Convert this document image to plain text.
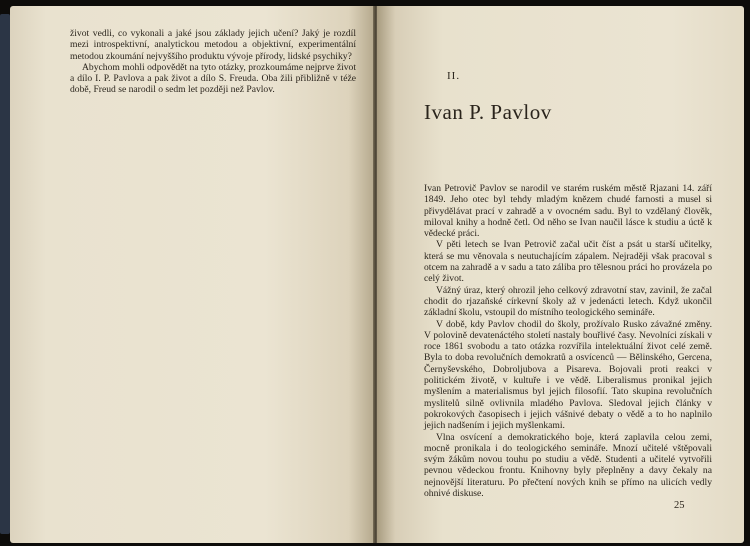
život vedli, co vykonali a jaké jsou základy jejich učení? Jaký je rozdíl mezi introspektivní, analytickou metodou a objektivní, experimentální metodou zkoumání nejvyššího produktu vývoje přírody, lidské psychiky?

Abychom mohli odpovědět na tyto otázky, prozkoumáme nejprve život a dílo I. P. Pavlova a pak život a dílo S. Freuda. Oba žili přibližně v téže době, Freud se narodil o sedm let později než Pavlov.

II.
Ivan P. Pavlov

Ivan Petrovič Pavlov se narodil ve starém ruském městě Rjazani 14. září 1849. Jeho otec byl tehdy mladým knězem chudé farnosti a musel si přivydělávat prací v zahradě a v ovocném sadu. Byl to vzdělaný člověk, miloval knihy a hodně četl. Od něho se Ivan naučil lásce k studiu a úctě k vědecké práci.

V pěti letech se Ivan Petrovič začal učit číst a psát u starší učitelky, která se mu věnovala s neutuchajícím zápalem. Nejraději však pracoval s otcem na zahradě a v sadu a tato záliba pro tělesnou práci ho provázela po celý život.

Vážný úraz, který ohrozil jeho celkový zdravotní stav, zavinil, že začal chodit do rjazaňské církevní školy až v jedenácti letech. Když ukončil základní školu, vstoupil do místního teologického semináře.

V době, kdy Pavlov chodil do školy, prožívalo Rusko závažné změny. V polovině devatenáctého století nastaly bouřlivé časy. Nevolníci získali v roce 1861 svobodu a tato otázka rozvířila intelektuální život celé země. Byla to doba revolučních demokratů a osvícenců — Bělinského, Gercena, Černyševského, Dobroljubova a Pisareva. Bojovali proti reakci v politickém životě, v kultuře i ve vědě. Liberalismus pronikal jejich myšlením a materialismus byl jejich filosofií. Tato skupina revolučních myslitelů silně ovlivnila mladého Pavlova. Sledoval jejich články v pokrokových časopisech i jejich vášnivé debaty o vědě a to ho naplnilo jejich nadšením i jejich myšlenkami.

Vlna osvícení a demokratického boje, která zaplavila celou zemi, mocně pronikala i do teologického semináře. Mnozí učitelé vštěpovali svým žákům novou touhu po studiu a vědě. Studenti a učitelé vytvořili pevnou vědeckou frontu. Knihovny byly přeplněny a davy čekaly na nejnovější literaturu. Po přečtení nových knih se přímo na ulicích vedly ohnivé diskuse.

25
